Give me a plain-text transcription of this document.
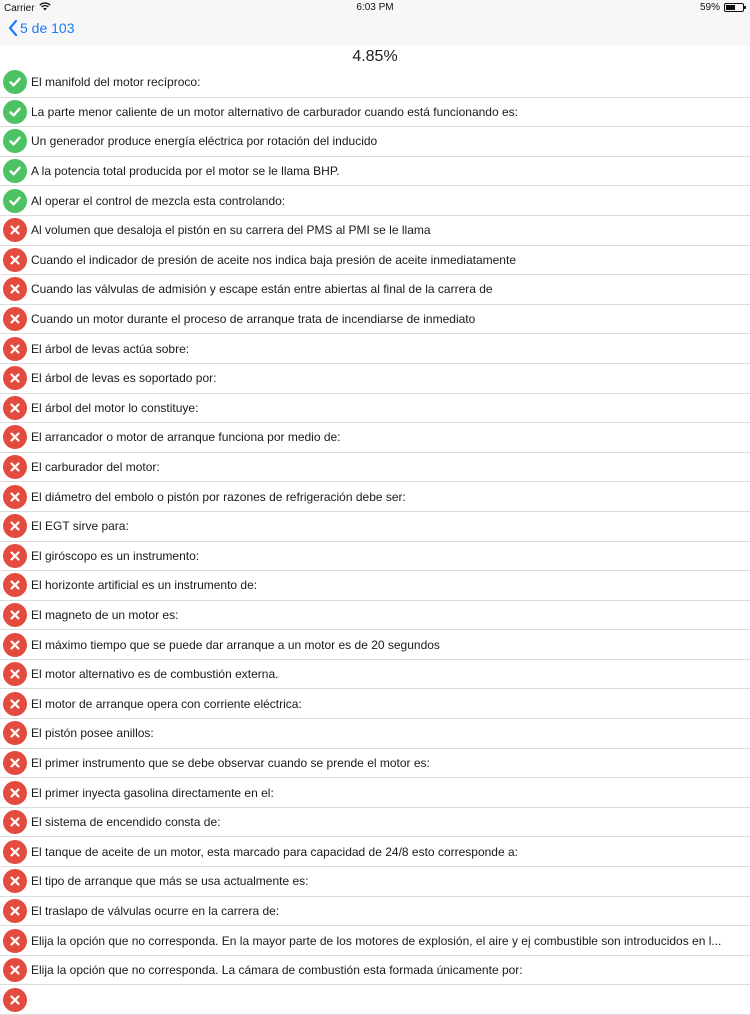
Carrier	6:03 PM	59%
5 de 103
4.85%
El manifold del motor recíproco:
La parte menor caliente de un motor alternativo de carburador cuando está funcionando es:
Un generador produce energía eléctrica por rotación del inducido
A la potencia total producida por el motor se le llama BHP.
Al operar el control de mezcla esta controlando:
Al volumen que desaloja el pistón en su carrera del PMS al PMI se le llama
Cuando el indicador de presión de aceite nos indica baja presión de aceite inmediatamente
Cuando las válvulas de admisión y escape están entre abiertas al final de la carrera de
Cuando un motor durante el proceso de arranque trata de incendiarse de inmediato
El árbol de levas actúa sobre:
El árbol de levas es soportado por:
El árbol del motor lo constituye:
El arrancador o motor de arranque funciona por medio de:
El carburador del motor:
El diámetro del embolo o pistón por razones de refrigeración debe ser:
El EGT sirve para:
El giróscopo es un instrumento:
El horizonte artificial es un instrumento de:
El magneto de un motor es:
El máximo tiempo que se puede dar arranque a un motor es de 20 segundos
El motor alternativo es de combustión externa.
El motor de arranque opera con corriente eléctrica:
El pistón posee anillos:
El primer instrumento que se debe observar cuando se prende el motor es:
El primer inyecta gasolina directamente en el:
El sistema de encendido consta de:
El tanque de aceite de un motor, esta marcado para capacidad de 24/8 esto corresponde a:
El tipo de arranque que más se usa actualmente es:
El traslapo de válvulas ocurre en la carrera de:
Elija la opción que no corresponda. En la mayor parte de los motores de explosión, el aire y eį combustible son introducidos en l...
Elija la opción que no corresponda. La cámara de combustión esta formada únicamente por:
